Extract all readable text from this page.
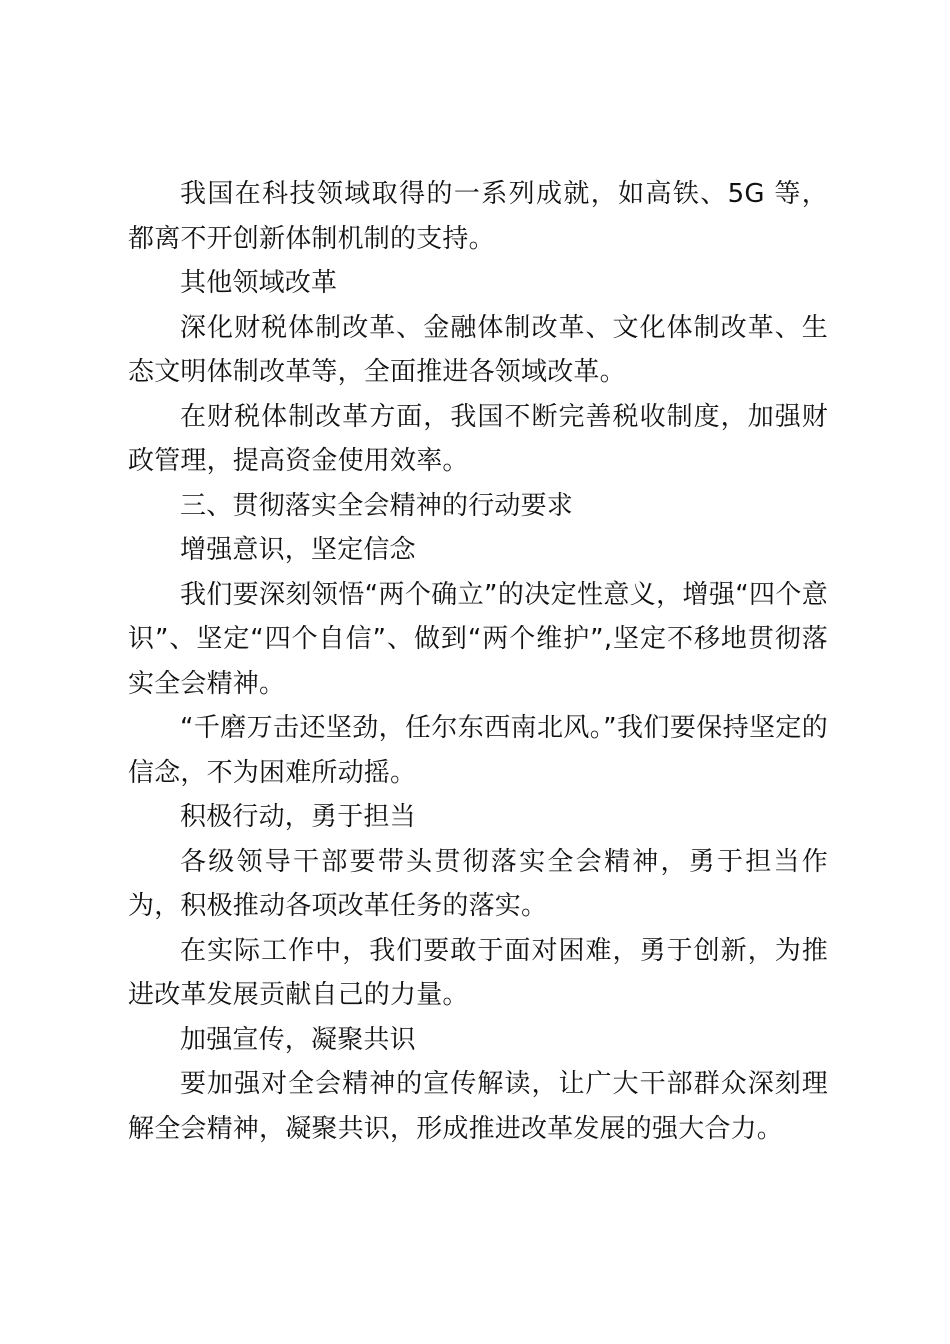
我国在科技领域取得的一系列成就，如高铁、5G 等，都离不开创新体制机制的支持。

其他领域改革

深化财税体制改革、金融体制改革、文化体制改革、生态文明体制改革等，全面推进各领域改革。

在财税体制改革方面，我国不断完善税收制度，加强财政管理，提高资金使用效率。

三、贯彻落实全会精神的行动要求

增强意识，坚定信念

我们要深刻领悟“两个确立”的决定性意义，增强“四个意识”、坚定“四个自信”、做到“两个维护”,坚定不移地贯彻落实全会精神。

“千磨万击还坚劲，任尔东西南北风。”我们要保持坚定的信念，不为困难所动摇。

积极行动，勇于担当

各级领导干部要带头贯彻落实全会精神，勇于担当作为，积极推动各项改革任务的落实。

在实际工作中，我们要敢于面对困难，勇于创新，为推进改革发展贡献自己的力量。

加强宣传，凝聚共识

要加强对全会精神的宣传解读，让广大干部群众深刻理解全会精神，凝聚共识，形成推进改革发展的强大合力。
